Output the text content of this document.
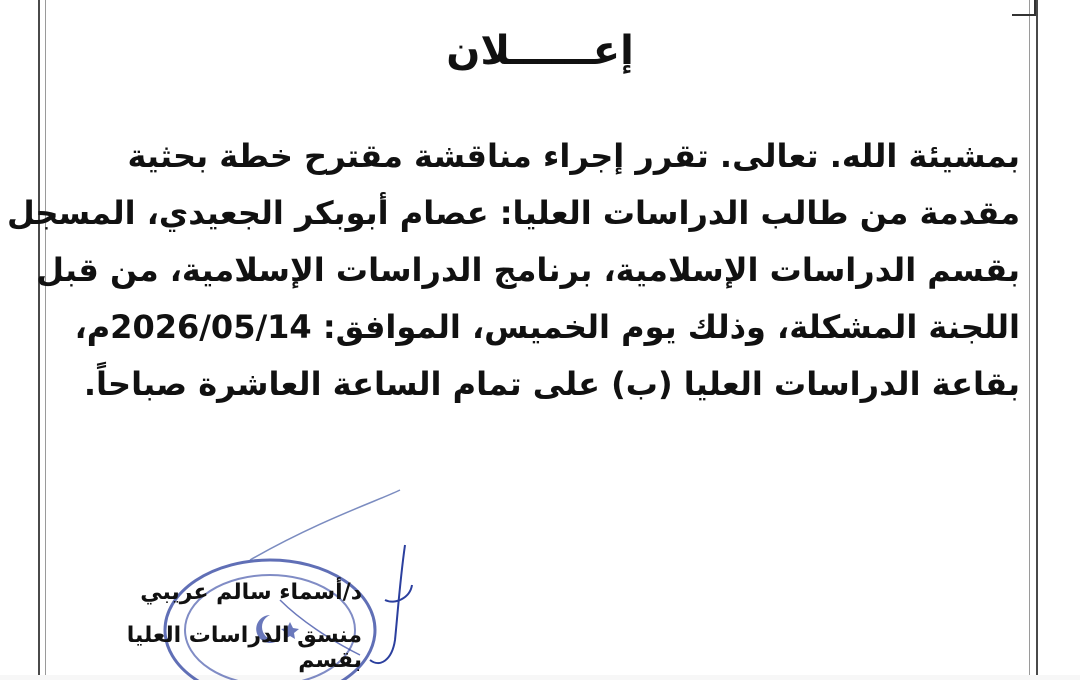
إعــــــلان
بمشيئة الله. تعالى. تقرر إجراء مناقشة مقترح خطة بحثية
مقدمة من طالب الدراسات العليا: عصام أبوبكر الجعيدي، المسجل
بقسم الدراسات الإسلامية، برنامج الدراسات الإسلامية، من قبل
اللجنة المشكلة، وذلك يوم الخميس، الموافق: 2026/05/14م،
بقاعة الدراسات العليا (ب) على تمام الساعة العاشرة صباحاً.
د/أسماء سالم عريبي
منسق الدراسات العليا بقسم
